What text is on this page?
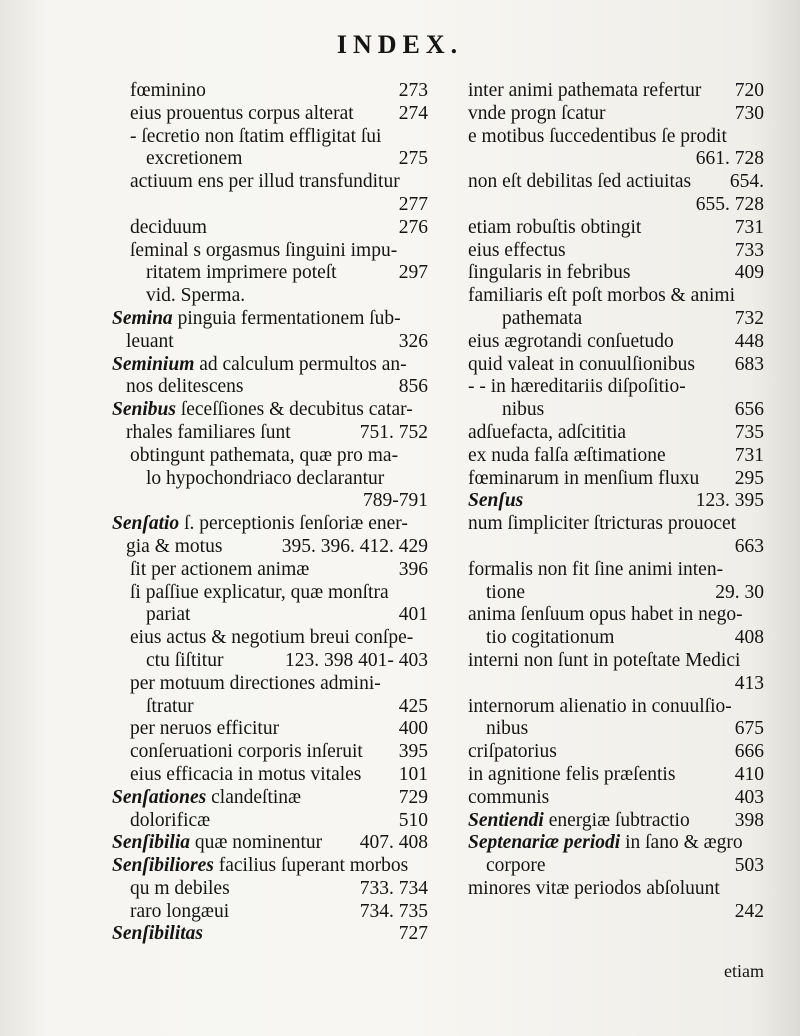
INDEX.
fœminino	273
eius prouentus corpus alterat 274
- ſecretio non ſtatim effligitat ſui
excretionem	275
actiuum ens per illud transfunditur
277
deciduum	276
ſeminal s orgasmus ſinguini impu-
ritatem imprimere poteſt	297
vid. Sperma.
Semina pinguia fermentationem ſub-
leuant	326
Seminium ad calculum permultos an-
nos delitescens	856
Senibus ſeceſſiones & decubitus catar-
rhales familiares ſunt	751. 752
obtingunt pathemata, quæ pro ma-
lo hypochondriaco declarantur
789-791
Senſatio ſ. perceptionis ſenſoriæ ener-
gia & motus	395. 396. 412. 429
ſit per actionem animæ	396
ſi paſſiue explicatur, quæ monſtra
pariat	401
eius actus & negotium breui conſpe-
ctu ſiſtitur	123. 398 401- 403
per motuum directiones admini-
ſtratur	425
per neruos efficitur	400
conſeruationi corporis inſeruit 395
eius efficacia in motus vitales 101
Senſationes clandeſtinæ	729
dolorificæ	510
Senſibilia quæ nominentur 407. 408
Senſibiliores facilius ſuperant morbos
qu m debiles	733. 734
raro longæui	734. 735
Senſibilitas	727
inter animi pathemata refertur 720
vnde progn ſcatur	730
e motibus ſuccedentibus ſe prodit
661. 728
non eſt debilitas ſed actiuitas 654.
655. 728
etiam robuſtis obtingit	731
eius effectus	733
ſingularis in febribus	409
familiaris eſt poſt morbos & animi
pathemata	732
eius ægrotandi conſuetudo	448
quid valeat in conuulſionibus 683
- - in hæreditariis diſpoſitio-
nibus	656
adſuefacta, adſcititia	735
ex nuda falſa æſtimatione	731
fœminarum in menſium fluxu 295
Senſus	123. 395
num ſimpliciter ſtricturas prouocet
663
formalis non fit ſine animi inten-
tione	29. 30
anima ſenſuum opus habet in nego-
tio cogitationum	408
interni non ſunt in poteſtate Medici
413
internorum alienatio in conuulſio-
nibus	675
criſpatorius	666
in agnitione felis præſentis	410
communis	403
Sentiendi energiæ ſubtractio 398
Septenariæ periodi in ſano & ægro
corpore	503
minores vitæ periodos abſoluunt
242
etiam
